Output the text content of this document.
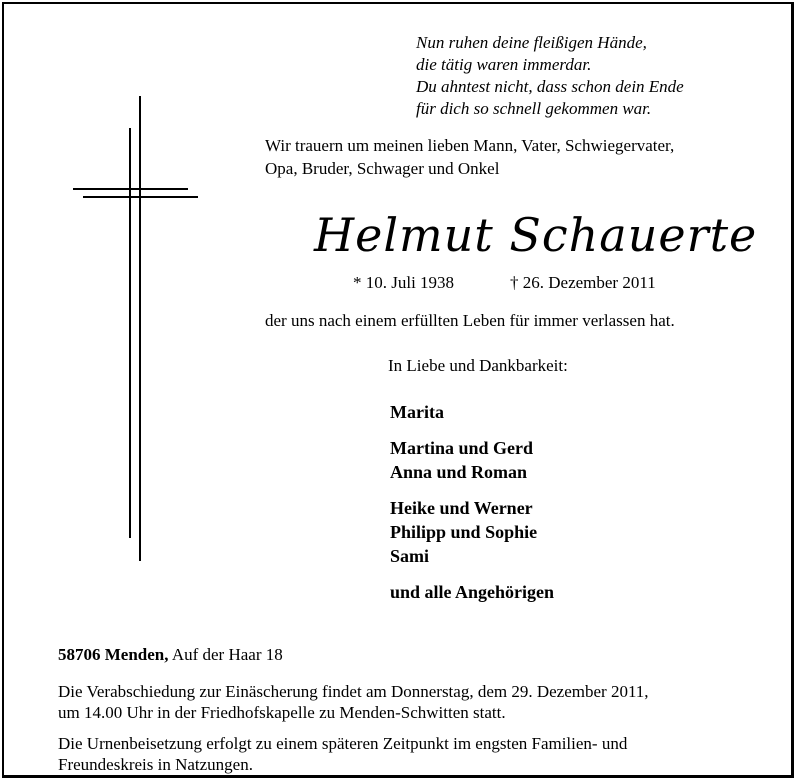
Nun ruhen deine fleißigen Hände,
die tätig waren immerdar.
Du ahntest nicht, dass schon dein Ende
für dich so schnell gekommen war.
Wir trauern um meinen lieben Mann, Vater, Schwiegervater,
Opa, Bruder, Schwager und Onkel
Helmut Schauerte
* 10. Juli 1938	† 26. Dezember 2011
der uns nach einem erfüllten Leben für immer verlassen hat.
In Liebe und Dankbarkeit:
Marita
Martina und Gerd
Anna und Roman
Heike und Werner
Philipp und Sophie
Sami
und alle Angehörigen
58706 Menden, Auf der Haar 18
Die Verabschiedung zur Einäscherung findet am Donnerstag, dem 29. Dezember 2011,
um 14.00 Uhr in der Friedhofskapelle zu Menden-Schwitten statt.
Die Urnenbeisetzung erfolgt zu einem späteren Zeitpunkt im engsten Familien- und
Freundeskreis in Natzungen.
